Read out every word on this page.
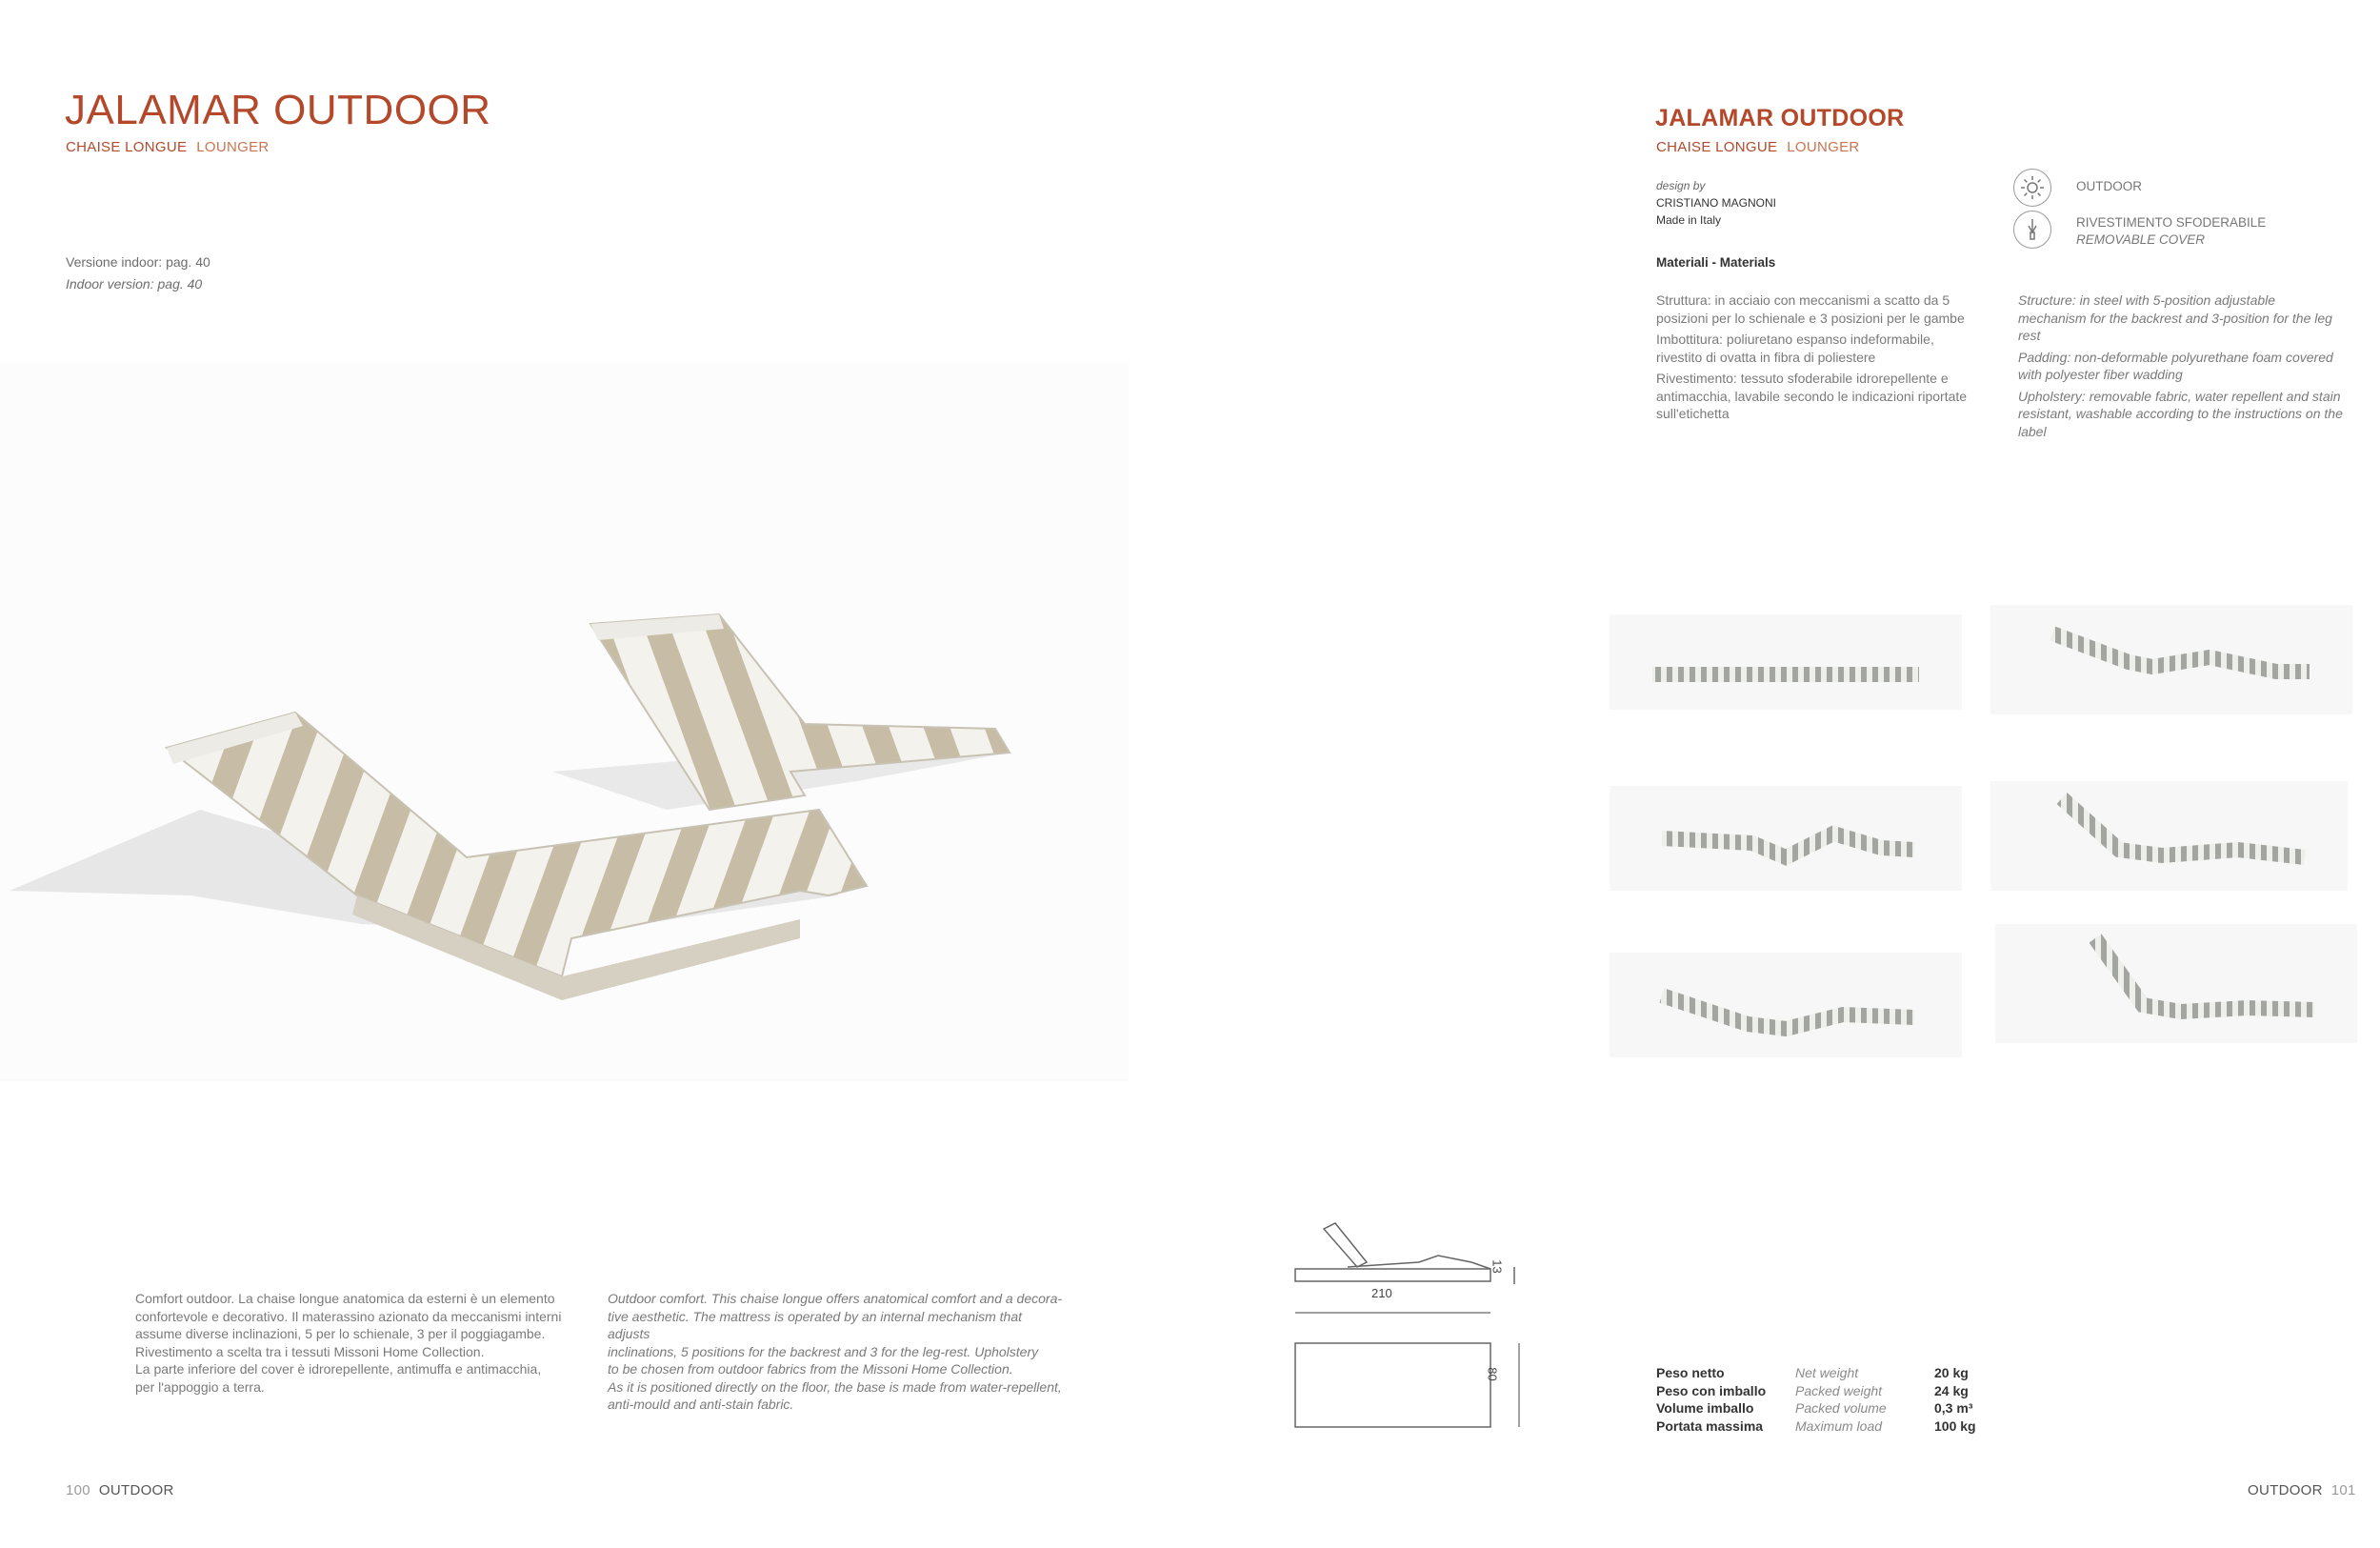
JALAMAR OUTDOOR
CHAISE LONGUE LOUNGER
Versione indoor: pag. 40
Indoor version: pag. 40
Comfort outdoor. La chaise longue anatomica da esterni è un elemento
confortevole e decorativo. Il materassino azionato da meccanismi interni
assume diverse inclinazioni, 5 per lo schienale, 3 per il poggiagambe.
Rivestimento a scelta tra i tessuti Missoni Home Collection.
La parte inferiore del cover è idrorepellente, antimuffa e antimacchia,
per l'appoggio a terra.
Outdoor comfort. This chaise longue offers anatomical comfort and a decora-
tive aesthetic. The mattress is operated by an internal mechanism that adjusts
inclinations, 5 positions for the backrest and 3 for the leg-rest. Upholstery
to be chosen from outdoor fabrics from the Missoni Home Collection.
As it is positioned directly on the floor, the base is made from water-repellent,
anti-mould and anti-stain fabric.
210
13
80
100 OUTDOOR
JALAMAR OUTDOOR
CHAISE LONGUE LOUNGER
design by
CRISTIANO MAGNONI
Made in Italy
OUTDOOR
RIVESTIMENTO SFODERABILE
REMOVABLE COVER
Materiali - Materials

Struttura: in acciaio con meccanismi a scatto da 5 posizioni per lo schienale e 3 posizioni per le gambe

Imbottitura: poliuretano espanso indeformabile, rivestito di ovatta in fibra di poliestere

Rivestimento: tessuto sfoderabile idrorepellente e antimacchia, lavabile secondo le indicazioni riportate sull'etichetta

Structure: in steel with 5-position adjustable mechanism for the backrest and 3-position for the leg rest

Padding: non-deformable polyurethane foam covered with polyester fiber wadding

Upholstery: removable fabric, water repellent and stain resistant, washable according to the instructions on the label

Peso netto	Net weight	20 kg
Peso con imballo	Packed weight	24 kg
Volume imballo	Packed volume	0,3 m³
Portata massima	Maximum load	100 kg
OUTDOOR 101
